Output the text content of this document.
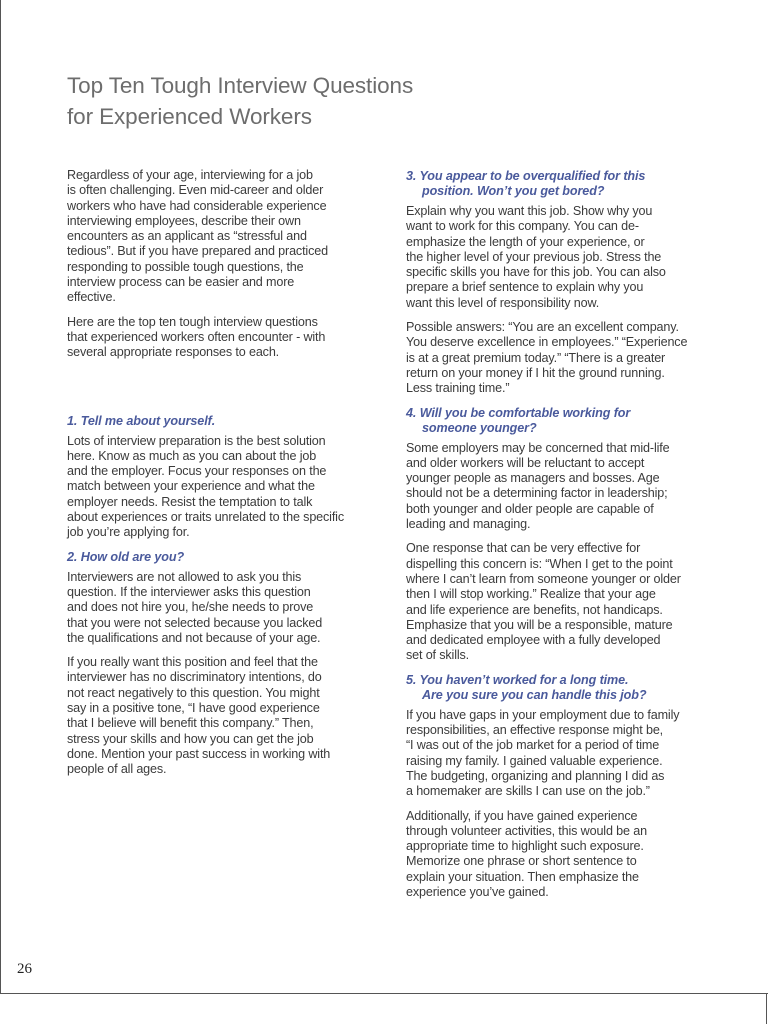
Top Ten Tough Interview Questions
for Experienced Workers

Regardless of your age, interviewing for a job
is often challenging. Even mid-career and older
workers who have had considerable experience
interviewing employees, describe their own
encounters as an applicant as “stressful and
tedious”. But if you have prepared and practiced
responding to possible tough questions, the
interview process can be easier and more
effective.

Here are the top ten tough interview questions
that experienced workers often encounter - with
several appropriate responses to each.

1. Tell me about yourself.

Lots of interview preparation is the best solution
here. Know as much as you can about the job
and the employer. Focus your responses on the
match between your experience and what the
employer needs. Resist the temptation to talk
about experiences or traits unrelated to the specific
job you’re applying for.

2. How old are you?

Interviewers are not allowed to ask you this
question. If the interviewer asks this question
and does not hire you, he/she needs to prove
that you were not selected because you lacked
the qualifications and not because of your age.

If you really want this position and feel that the
interviewer has no discriminatory intentions, do
not react negatively to this question. You might
say in a positive tone, “I have good experience
that I believe will benefit this company.” Then,
stress your skills and how you can get the job
done. Mention your past success in working with
people of all ages.

3. You appear to be overqualified for this
position. Won’t you get bored?

Explain why you want this job. Show why you
want to work for this company. You can de-
emphasize the length of your experience, or
the higher level of your previous job. Stress the
specific skills you have for this job. You can also
prepare a brief sentence to explain why you
want this level of responsibility now.

Possible answers: “You are an excellent company.
You deserve excellence in employees.” “Experience
is at a great premium today.” “There is a greater
return on your money if I hit the ground running.
Less training time.”

4. Will you be comfortable working for
someone younger?

Some employers may be concerned that mid-life
and older workers will be reluctant to accept
younger people as managers and bosses. Age
should not be a determining factor in leadership;
both younger and older people are capable of
leading and managing.

One response that can be very effective for
dispelling this concern is: “When I get to the point
where I can’t learn from someone younger or older
then I will stop working.” Realize that your age
and life experience are benefits, not handicaps.
Emphasize that you will be a responsible, mature
and dedicated employee with a fully developed
set of skills.

5. You haven’t worked for a long time.
Are you sure you can handle this job?

If you have gaps in your employment due to family
responsibilities, an effective response might be,
“I was out of the job market for a period of time
raising my family. I gained valuable experience.
The budgeting, organizing and planning I did as
a homemaker are skills I can use on the job.”

Additionally, if you have gained experience
through volunteer activities, this would be an
appropriate time to highlight such exposure.
Memorize one phrase or short sentence to
explain your situation. Then emphasize the
experience you’ve gained.

26
